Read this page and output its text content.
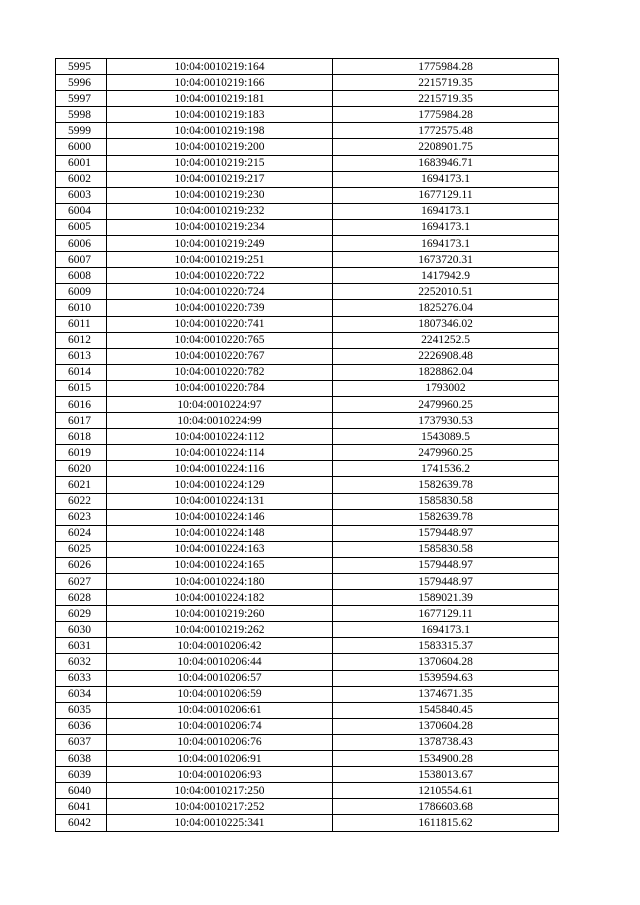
5995	10:04:0010219:164	1775984.28
5996	10:04:0010219:166	2215719.35
5997	10:04:0010219:181	2215719.35
5998	10:04:0010219:183	1775984.28
5999	10:04:0010219:198	1772575.48
6000	10:04:0010219:200	2208901.75
6001	10:04:0010219:215	1683946.71
6002	10:04:0010219:217	1694173.1
6003	10:04:0010219:230	1677129.11
6004	10:04:0010219:232	1694173.1
6005	10:04:0010219:234	1694173.1
6006	10:04:0010219:249	1694173.1
6007	10:04:0010219:251	1673720.31
6008	10:04:0010220:722	1417942.9
6009	10:04:0010220:724	2252010.51
6010	10:04:0010220:739	1825276.04
6011	10:04:0010220:741	1807346.02
6012	10:04:0010220:765	2241252.5
6013	10:04:0010220:767	2226908.48
6014	10:04:0010220:782	1828862.04
6015	10:04:0010220:784	1793002
6016	10:04:0010224:97	2479960.25
6017	10:04:0010224:99	1737930.53
6018	10:04:0010224:112	1543089.5
6019	10:04:0010224:114	2479960.25
6020	10:04:0010224:116	1741536.2
6021	10:04:0010224:129	1582639.78
6022	10:04:0010224:131	1585830.58
6023	10:04:0010224:146	1582639.78
6024	10:04:0010224:148	1579448.97
6025	10:04:0010224:163	1585830.58
6026	10:04:0010224:165	1579448.97
6027	10:04:0010224:180	1579448.97
6028	10:04:0010224:182	1589021.39
6029	10:04:0010219:260	1677129.11
6030	10:04:0010219:262	1694173.1
6031	10:04:0010206:42	1583315.37
6032	10:04:0010206:44	1370604.28
6033	10:04:0010206:57	1539594.63
6034	10:04:0010206:59	1374671.35
6035	10:04:0010206:61	1545840.45
6036	10:04:0010206:74	1370604.28
6037	10:04:0010206:76	1378738.43
6038	10:04:0010206:91	1534900.28
6039	10:04:0010206:93	1538013.67
6040	10:04:0010217:250	1210554.61
6041	10:04:0010217:252	1786603.68
6042	10:04:0010225:341	1611815.62
